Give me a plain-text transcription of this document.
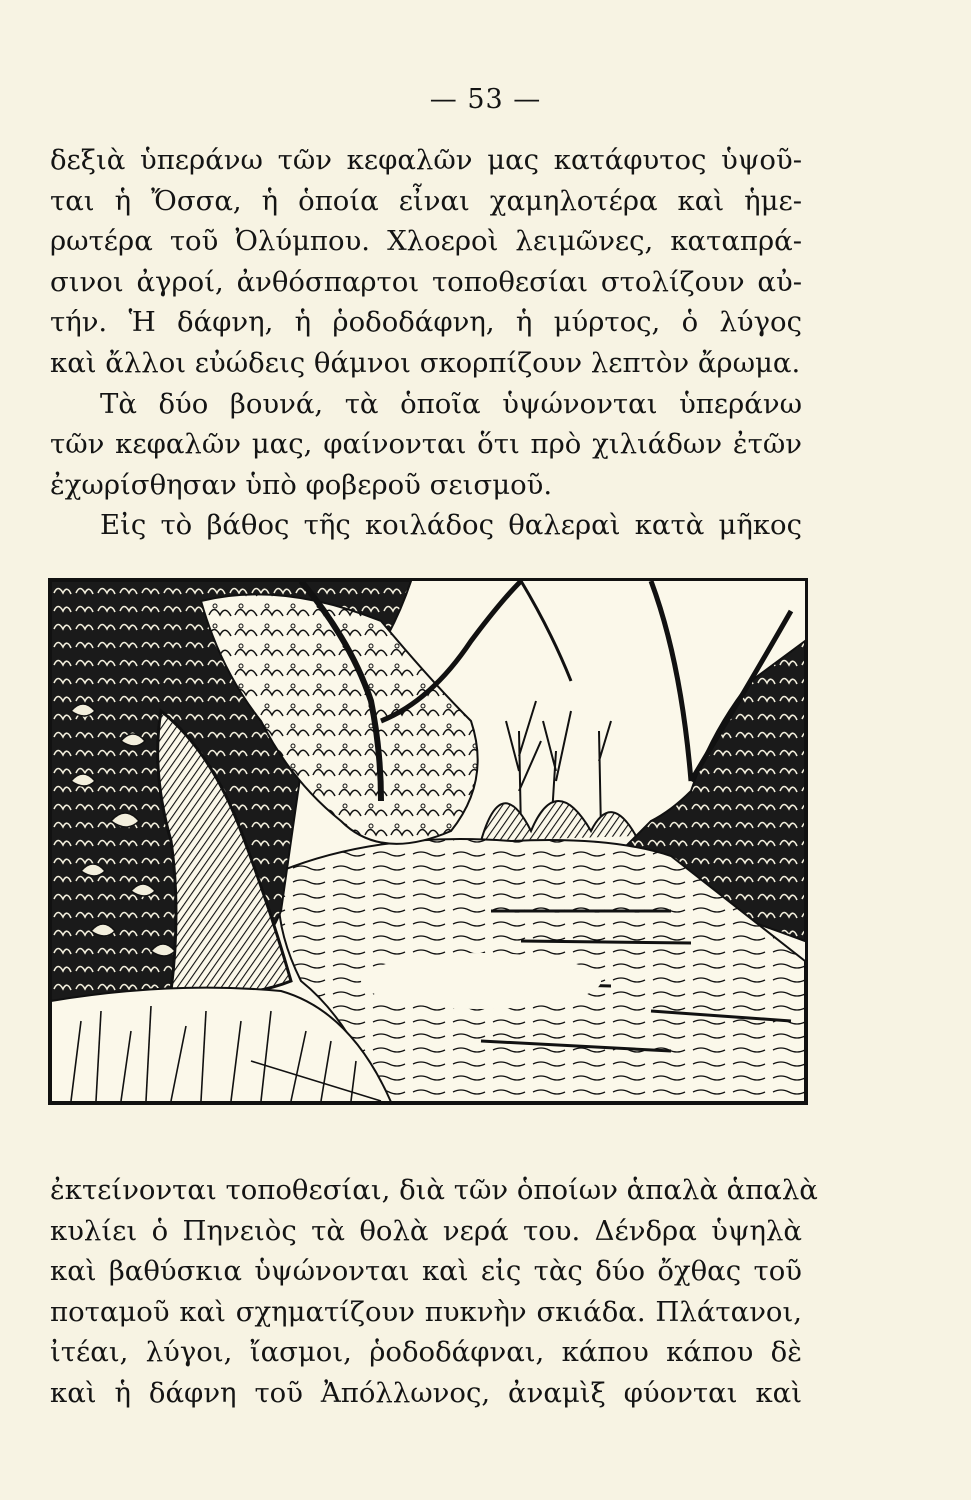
— 53 —

δεξιὰ ὑπεράνω τῶν κεφαλῶν μας κατάφυτος ὑψοῦ-
ται ἡ Ὄσσα, ἡ ὁποία εἶναι χαμηλοτέρα καὶ ἡμε-
ρωτέρα τοῦ Ὀλύμπου. Χλοεροὶ λειμῶνες, καταπρά-
σινοι ἀγροί, ἀνθόσπαρτοι τοποθεσίαι στολίζουν αὐ-
τήν. Ἡ δάφνη, ἡ ῥοδοδάφνη, ἡ μύρτος, ὁ λύγος
καὶ ἄλλοι εὐώδεις θάμνοι σκορπίζουν λεπτὸν ἄρωμα.

Τὰ δύο βουνά, τὰ ὁποῖα ὑψώνονται ὑπεράνω
τῶν κεφαλῶν μας, φαίνονται ὅτι πρὸ χιλιάδων ἐτῶν
ἐχωρίσθησαν ὑπὸ φοβεροῦ σεισμοῦ.

Εἰς τὸ βάθος τῆς κοιλάδος θαλεραὶ κατὰ μῆκος

ἐκτείνονται τοποθεσίαι, διὰ τῶν ὁποίων ἁπαλὰ ἁπαλὰ
κυλίει ὁ Πηνειὸς τὰ θολὰ νερά του. Δένδρα ὑψηλὰ
καὶ βαθύσκια ὑψώνονται καὶ εἰς τὰς δύο ὄχθας τοῦ
ποταμοῦ καὶ σχηματίζουν πυκνὴν σκιάδα. Πλάτανοι,
ἰτέαι, λύγοι, ἴασμοι, ῥοδοδάφναι, κάπου κάπου δὲ
καὶ ἡ δάφνη τοῦ Ἀπόλλωνος, ἀναμὶξ φύονται καὶ
